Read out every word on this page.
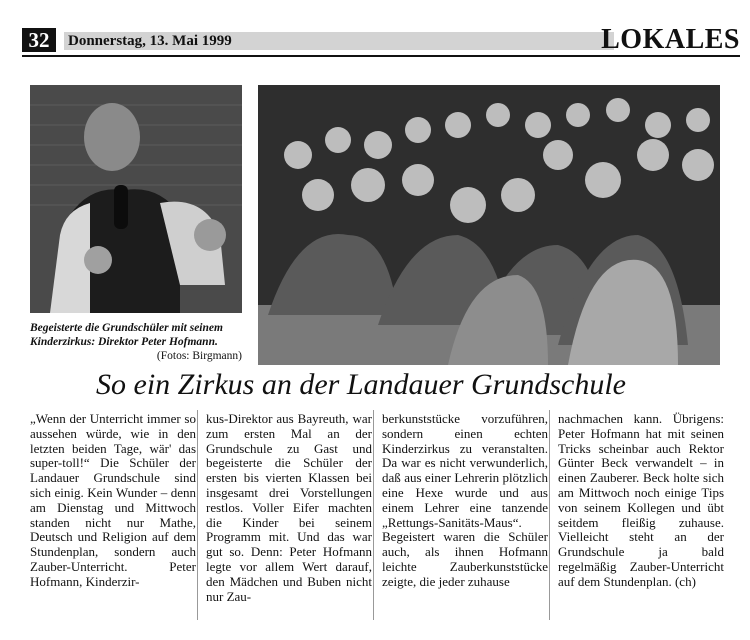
32	Donnerstag, 13. Mai 1999	LOKALES
Begeisterte die Grundschüler mit seinem Kinderzirkus: Direktor Peter Hofmann.
(Fotos: Birgmann)
So ein Zirkus an der Landauer Grundschule
„Wenn der Unterricht immer so aussehen würde, wie in den letzten beiden Tage, wär' das super-toll!“ Die Schüler der Landauer Grundschule sind sich einig. Kein Wunder – denn am Dienstag und Mittwoch standen nicht nur Mathe, Deutsch und Religion auf dem Stundenplan, sondern auch Zauber-Unterricht. Peter Hofmann, Kinderzir-
kus-Direktor aus Bayreuth, war zum ersten Mal an der Grundschule zu Gast und begeisterte die Schüler der ersten bis vierten Klassen bei insgesamt drei Vorstellungen restlos. Voller Eifer machten die Kinder bei seinem Programm mit. Und das war gut so. Denn: Peter Hofmann legte vor allem Wert darauf, den Mädchen und Buben nicht nur Zau-
berkunststücke vorzuführen, sondern einen echten Kinderzirkus zu veranstalten. Da war es nicht verwunderlich, daß aus einer Lehrerin plötzlich eine Hexe wurde und aus einem Lehrer eine tanzende „Rettungs-Sanitäts-Maus“. Begeistert waren die Schüler auch, als ihnen Hofmann leichte Zauberkunststücke zeigte, die jeder zuhause
nachmachen kann. Übrigens: Peter Hofmann hat mit seinen Tricks scheinbar auch Rektor Günter Beck verwandelt – in einen Zauberer. Beck holte sich am Mittwoch noch einige Tips von seinem Kollegen und übt seitdem fleißig zuhause. Vielleicht steht an der Grundschule ja bald regelmäßig Zauber-Unterricht auf dem Stundenplan. (ch)
